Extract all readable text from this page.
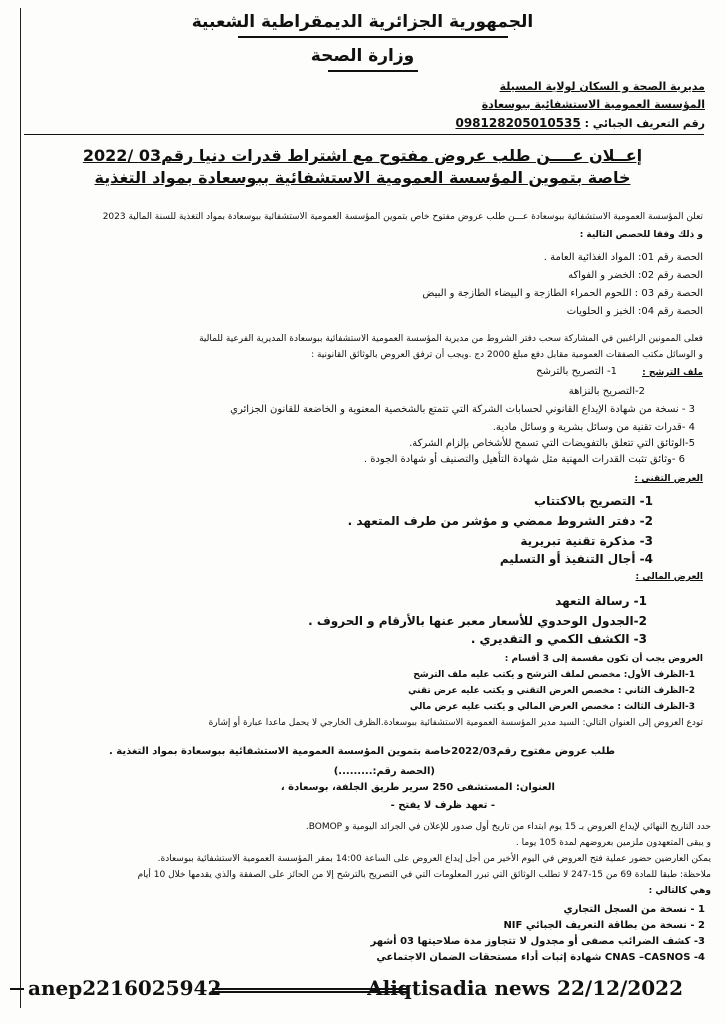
الجمهورية الجزائرية الديمقراطية الشعبية
وزارة الصحة
مديرية الصحة و السكان لولاية المسيلة
المؤسسة العمومية الاستشفائية ببوسعادة
رقم التعريف الجبائي : 098128205010535
إعــلان عــــن طلب عروض مفتوح مع اشتراط قدرات دنيا رقم03 /2022
خاصة بتموين المؤسسة العمومية الاستشفائية ببوسعادة بمواد التغذية
تعلن المؤسسة العمومية الاستشفائية ببوسعادة عـــن طلب عروض مفتوح خاص بتموين المؤسسة العمومية الاستشفائية ببوسعادة بمواد التغذية للسنة المالية 2023
و ذلك وفقا للحصص التالية :
الحصة رقم 01: المواد الغذائية العامة .
الحصة رقم 02: الخضر و الفواكه
الحصة رقم 03 : اللحوم الحمراء الطازجة و البيضاء الطازجة و البيض
الحصة رقم 04: الخبز و الحلويات
فعلى الممونين الراغبين في المشاركة سحب دفتر الشروط من مديرية المؤسسة العمومية الاستشفائية ببوسعادة المديرية الفرعية للمالية
و الوسائل مكتب الصفقات العمومية مقابل دفع مبلغ 2000 دج .ويجب أن ترفق العروض بالوثائق القانونية :
ملف الترشح :
1- التصريح بالترشح
2-التصريح بالنزاهة
3 - نسخة من شهادة الإيداع القانوني لحسابات الشركة التي تتمتع بالشخصية المعنوية و الخاضعة للقانون الجزائري
4 -قدرات تقنية من وسائل بشرية و وسائل مادية.
5-الوثائق التي تتعلق بالتفويضات التي تسمح للأشخاص بإلزام الشركة.
6 -وثائق تثبت القدرات المهنية مثل شهادة التأهيل والتصنيف أو شهادة الجودة .
العرض التقني :
1- التصريح بالاكتتاب
2- دفتر الشروط ممضي و مؤشر من طرف المتعهد .
3- مذكرة تقنية تبريرية
4- أجال التنفيذ أو التسليم
العرض المالي :
1- رسالة التعهد
2-الجدول الوحدوي للأسعار معبر عنها بالأرقام و الحروف .
3- الكشف الكمي و التقديري .
العروض يجب أن تكون مقسمة إلى 3 أقسام :
1-الظرف الأول: مخصص لملف الترشح و يكتب عليه ملف الترشح
2-الظرف الثاني : مخصص العرض التقني و يكتب عليه عرض تقني
3-الظرف الثالث : مخصص العرض المالي و يكتب عليه عرض مالي
تودع العروض إلى العنوان التالي: السيد مدير المؤسسة العمومية الاستشفائية ببوسعادة.الظرف الخارجي لا يحمل ماعدا عبارة أو إشارة
طلب عروض مفتوح رقم2022/03خاصة بتموين المؤسسة العمومية الاستشفائية ببوسعادة بمواد التغذية .
(الحصة رقم:.........)
العنوان: المستشفى 250 سرير طريق الجلفة، بوسعادة ،
- تعهد ظرف لا يفتح -
حدد التاريخ النهائي لإيداع العروض بـ 15 يوم ابتداء من تاريخ أول صدور للإعلان في الجرائد اليومية و BOMOP.
و يبقى المتعهدون ملزمين بعروضهم لمدة 105 يوما .
يمكن العارضين حضور عملية فتح العروض في اليوم الأخير من أجل إيداع العروض على الساعة 14:00 بمقر المؤسسة العمومية الاستشفائية ببوسعادة.
ملاحظة: طبقا للمادة 69 من 15-247 لا تطلب الوثائق التي تبرر المعلومات التي في التصريح بالترشح إلا من الحائز على الصفقة والذي يقدمها خلال 10 أيام
وهي كالتالي :
1 - نسخة من السجل التجاري
2 - نسخة من بطاقة التعريف الجبائي NIF
3- كشف الضرائب مصفى أو مجدول لا تتجاوز مدة صلاحيتها 03 أشهر
4- CNAS –CASNOS شهادة إثبات أداء مستحقات الضمان الاجتماعي
anep2216025942	Aliqtisadia news 22/12/2022
